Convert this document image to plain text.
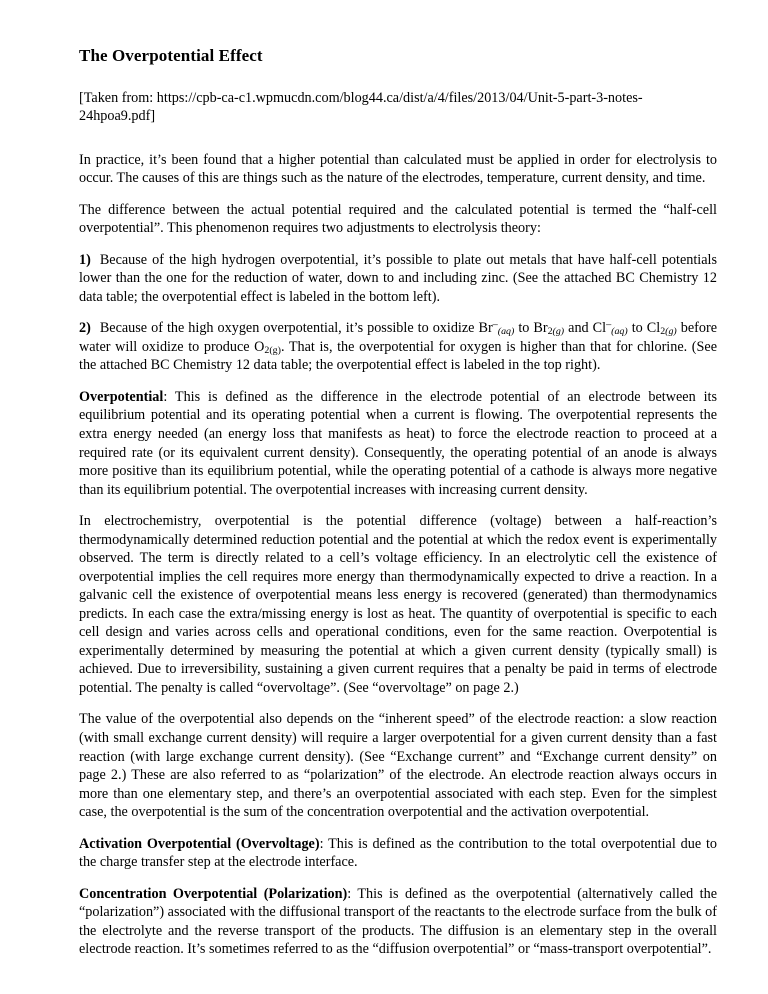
The Overpotential Effect

[Taken from: https://cpb-ca-c1.wpmucdn.com/blog44.ca/dist/a/4/files/2013/04/Unit-5-part-3-notes-24hpoa9.pdf]

In practice, it’s been found that a higher potential than calculated must be applied in order for electrolysis to occur. The causes of this are things such as the nature of the electrodes, temperature, current density, and time.

The difference between the actual potential required and the calculated potential is termed the “half-cell overpotential”. This phenomenon requires two adjustments to electrolysis theory:

1) Because of the high hydrogen overpotential, it’s possible to plate out metals that have half-cell potentials lower than the one for the reduction of water, down to and including zinc. (See the attached BC Chemistry 12 data table; the overpotential effect is labeled in the bottom left).

2) Because of the high oxygen overpotential, it’s possible to oxidize Br–(aq) to $Br_2(g)$ and Cl–(aq) to $Cl_2(g)$ before water will oxidize to produce $O_{2(g)}$. That is, the overpotential for oxygen is higher than that for chlorine. (See the attached BC Chemistry 12 data table; the overpotential effect is labeled in the top right).

Overpotential: This is defined as the difference in the electrode potential of an electrode between its equilibrium potential and its operating potential when a current is flowing. The overpotential represents the extra energy needed (an energy loss that manifests as heat) to force the electrode reaction to proceed at a required rate (or its equivalent current density). Consequently, the operating potential of an anode is always more positive than its equilibrium potential, while the operating potential of a cathode is always more negative than its equilibrium potential. The overpotential increases with increasing current density.

In electrochemistry, overpotential is the potential difference (voltage) between a half-reaction’s thermodynamically determined reduction potential and the potential at which the redox event is experimentally observed. The term is directly related to a cell’s voltage efficiency. In an electrolytic cell the existence of overpotential implies the cell requires more energy than thermodynamically expected to drive a reaction. In a galvanic cell the existence of overpotential means less energy is recovered (generated) than thermodynamics predicts. In each case the extra/missing energy is lost as heat. The quantity of overpotential is specific to each cell design and varies across cells and operational conditions, even for the same reaction. Overpotential is experimentally determined by measuring the potential at which a given current density (typically small) is achieved. Due to irreversibility, sustaining a given current requires that a penalty be paid in terms of electrode potential. The penalty is called “overvoltage”. (See “overvoltage” on page 2.)

The value of the overpotential also depends on the “inherent speed” of the electrode reaction: a slow reaction (with small exchange current density) will require a larger overpotential for a given current density than a fast reaction (with large exchange current density). (See “Exchange current” and “Exchange current density” on page 2.) These are also referred to as “polarization” of the electrode. An electrode reaction always occurs in more than one elementary step, and there’s an overpotential associated with each step. Even for the simplest case, the overpotential is the sum of the concentration overpotential and the activation overpotential.

Activation Overpotential (Overvoltage): This is defined as the contribution to the total overpotential due to the charge transfer step at the electrode interface.

Concentration Overpotential (Polarization): This is defined as the overpotential (alternatively called the “polarization”) associated with the diffusional transport of the reactants to the electrode surface from the bulk of the electrolyte and the reverse transport of the products. The diffusion is an elementary step in the overall electrode reaction. It’s sometimes referred to as the “diffusion overpotential” or “mass-transport overpotential”.
